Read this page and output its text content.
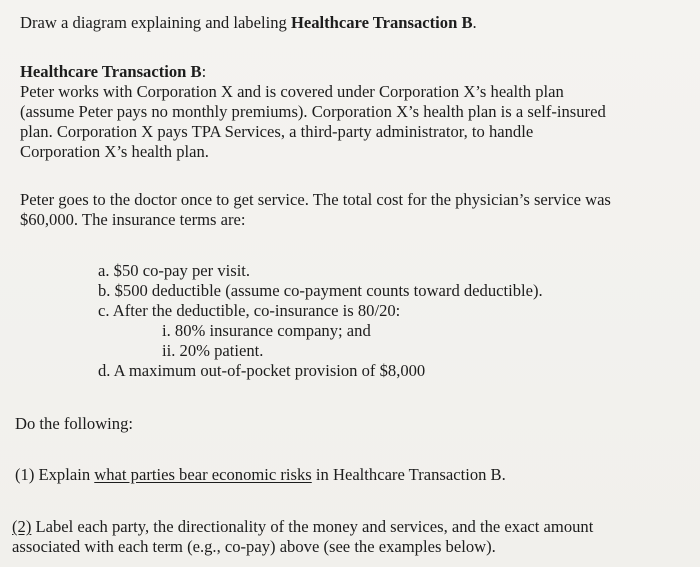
Draw a diagram explaining and labeling Healthcare Transaction B.
Healthcare Transaction B:
Peter works with Corporation X and is covered under Corporation X’s health plan
(assume Peter pays no monthly premiums). Corporation X’s health plan is a self-insured
plan. Corporation X pays TPA Services, a third-party administrator, to handle
Corporation X’s health plan.
Peter goes to the doctor once to get service. The total cost for the physician’s service was
$60,000. The insurance terms are:
a. $50 co-pay per visit.
b. $500 deductible (assume co-payment counts toward deductible).
c. After the deductible, co-insurance is 80/20:
i. 80% insurance company; and
ii. 20% patient.
d. A maximum out-of-pocket provision of $8,000
Do the following:
(1) Explain what parties bear economic risks in Healthcare Transaction B.
(2) Label each party, the directionality of the money and services, and the exact amount
associated with each term (e.g., co-pay) above (see the examples below).
